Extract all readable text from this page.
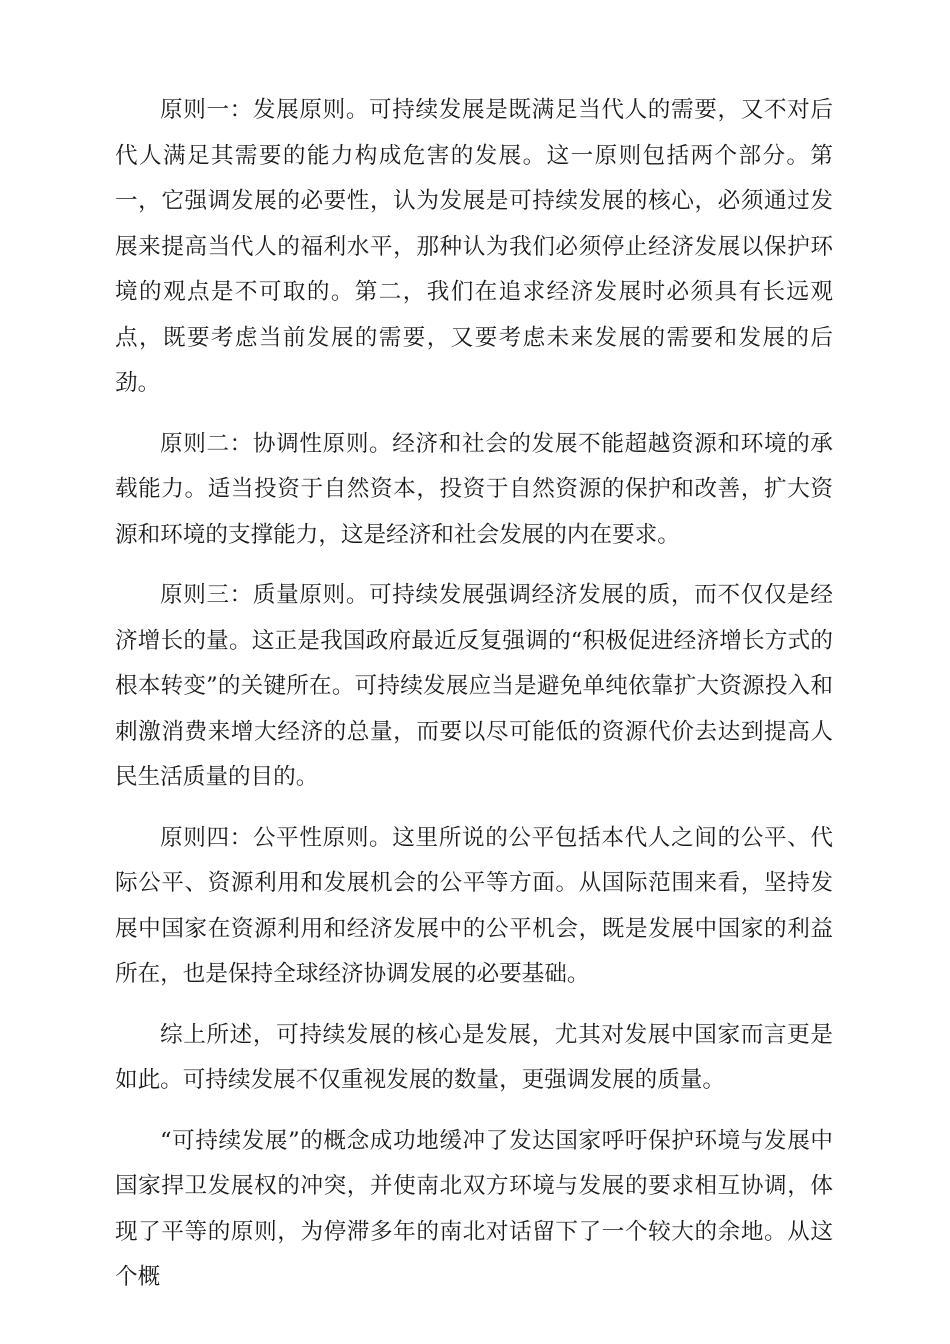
原则一：发展原则。可持续发展是既满足当代人的需要，又不对后代人满足其需要的能力构成危害的发展。这一原则包括两个部分。第一，它强调发展的必要性，认为发展是可持续发展的核心，必须通过发展来提高当代人的福利水平，那种认为我们必须停止经济发展以保护环境的观点是不可取的。第二，我们在追求经济发展时必须具有长远观点，既要考虑当前发展的需要，又要考虑未来发展的需要和发展的后劲。

原则二：协调性原则。经济和社会的发展不能超越资源和环境的承载能力。适当投资于自然资本，投资于自然资源的保护和改善，扩大资源和环境的支撑能力，这是经济和社会发展的内在要求。

原则三：质量原则。可持续发展强调经济发展的质，而不仅仅是经济增长的量。这正是我国政府最近反复强调的“积极促进经济增长方式的根本转变”的关键所在。可持续发展应当是避免单纯依靠扩大资源投入和刺激消费来增大经济的总量，而要以尽可能低的资源代价去达到提高人民生活质量的目的。

原则四：公平性原则。这里所说的公平包括本代人之间的公平、代际公平、资源利用和发展机会的公平等方面。从国际范围来看，坚持发展中国家在资源利用和经济发展中的公平机会，既是发展中国家的利益所在，也是保持全球经济协调发展的必要基础。

综上所述，可持续发展的核心是发展，尤其对发展中国家而言更是如此。可持续发展不仅重视发展的数量，更强调发展的质量。

“可持续发展”的概念成功地缓冲了发达国家呼吁保护环境与发展中国家捍卫发展权的冲突，并使南北双方环境与发展的要求相互协调，体现了平等的原则，为停滞多年的南北对话留下了一个较大的余地。从这个概
